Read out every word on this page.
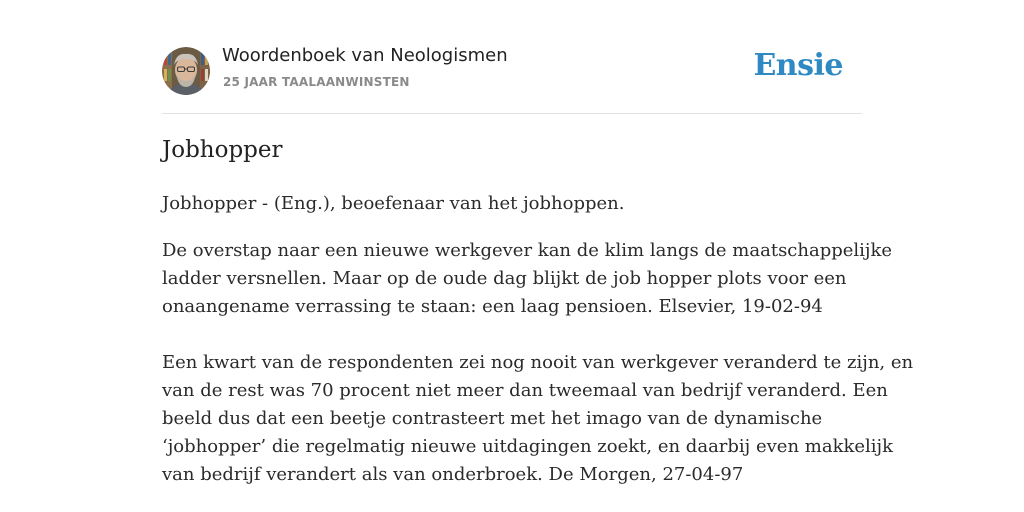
Woordenboek van Neologismen
25 JAAR TAALAANWINSTEN	Ensie
Jobhopper
Jobhopper - (Eng.), beoefenaar van het jobhoppen.
De overstap naar een nieuwe werkgever kan de klim langs de maatschappelijke
ladder versnellen. Maar op de oude dag blijkt de job hopper plots voor een
onaangename verrassing te staan: een laag pensioen. Elsevier, 19-02-94
Een kwart van de respondenten zei nog nooit van werkgever veranderd te zijn, en
van de rest was 70 procent niet meer dan tweemaal van bedrijf veranderd. Een
beeld dus dat een beetje contrasteert met het imago van de dynamische
‘jobhopper’ die regelmatig nieuwe uitdagingen zoekt, en daarbij even makkelijk
van bedrijf verandert als van onderbroek. De Morgen, 27-04-97
